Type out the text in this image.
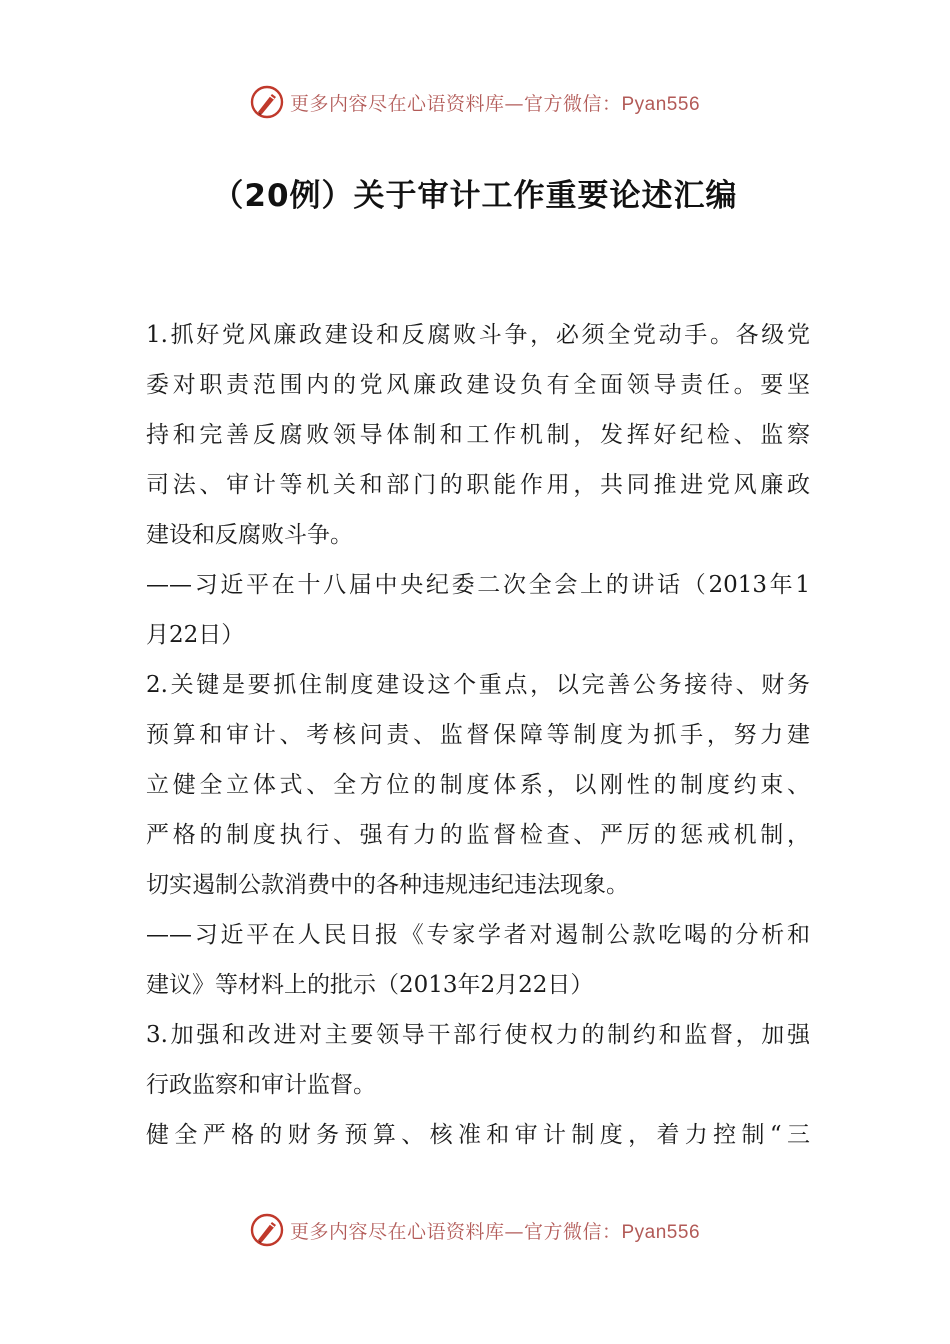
更多内容尽在心语资料库—官方微信：Pyan556
（20例）关于审计工作重要论述汇编
1.抓好党风廉政建设和反腐败斗争，必须全党动手。各级党
委对职责范围内的党风廉政建设负有全面领导责任。要坚
持和完善反腐败领导体制和工作机制，发挥好纪检、监察
司法、审计等机关和部门的职能作用，共同推进党风廉政
建设和反腐败斗争。
——习近平在十八届中央纪委二次全会上的讲话（2013年1
月22日）
2.关键是要抓住制度建设这个重点，以完善公务接待、财务
预算和审计、考核问责、监督保障等制度为抓手，努力建
立健全立体式、全方位的制度体系，以刚性的制度约束、
严格的制度执行、强有力的监督检查、严厉的惩戒机制，
切实遏制公款消费中的各种违规违纪违法现象。
——习近平在人民日报《专家学者对遏制公款吃喝的分析和
建议》等材料上的批示（2013年2月22日）
3.加强和改进对主要领导干部行使权力的制约和监督，加强
行政监察和审计监督。
健全严格的财务预算、核准和审计制度，着力控制“三
更多内容尽在心语资料库—官方微信：Pyan556
